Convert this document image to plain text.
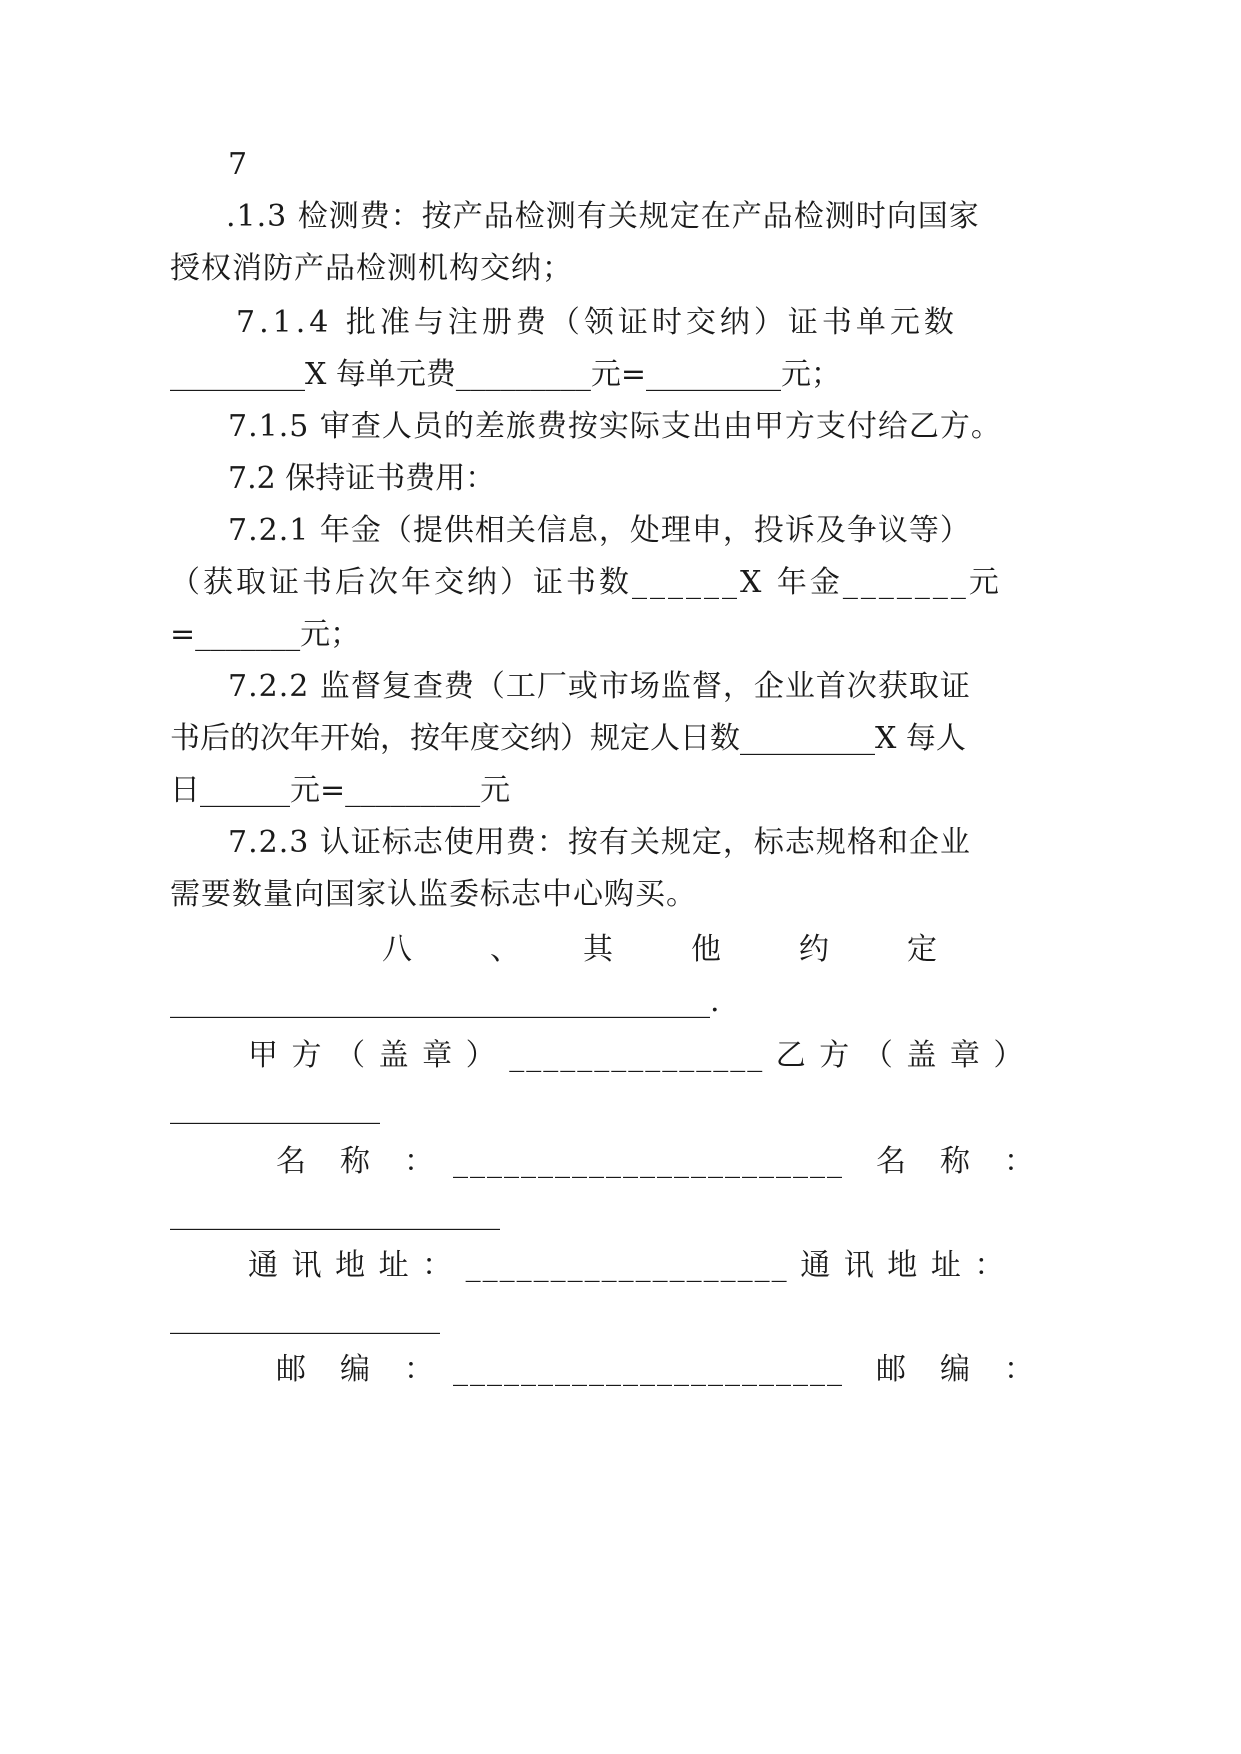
7
.1.3 检测费：按产品检测有关规定在产品检测时向国家
授权消防产品检测机构交纳；
7.1.4 批准与注册费（领证时交纳）证书单元数
_________X 每单元费_________元=_________元；
7.1.5 审查人员的差旅费按实际支出由甲方支付给乙方。
7.2 保持证书费用：
7.2.1 年金（提供相关信息，处理申，投诉及争议等）
（获取证书后次年交纳）证书数______X 年金_______元
=_______元；
7.2.2 监督复查费（工厂或市场监督，企业首次获取证
书后的次年开始，按年度交纳）规定人日数_________X 每人
日______元=_________元
7.2.3 认证标志使用费：按有关规定，标志规格和企业
需要数量向国家认监委标志中心购买。
八　　、　　其　　他　　约　　定
____________________________________.
甲 方 （ 盖 章 ） _______________ 乙 方 （ 盖 章 ）
______________
名　称　：　_______________________　名　称　：
______________________
通 讯 地 址 ： ___________________ 通 讯 地 址 ：
__________________
邮　编　：　_______________________　邮　编　：
